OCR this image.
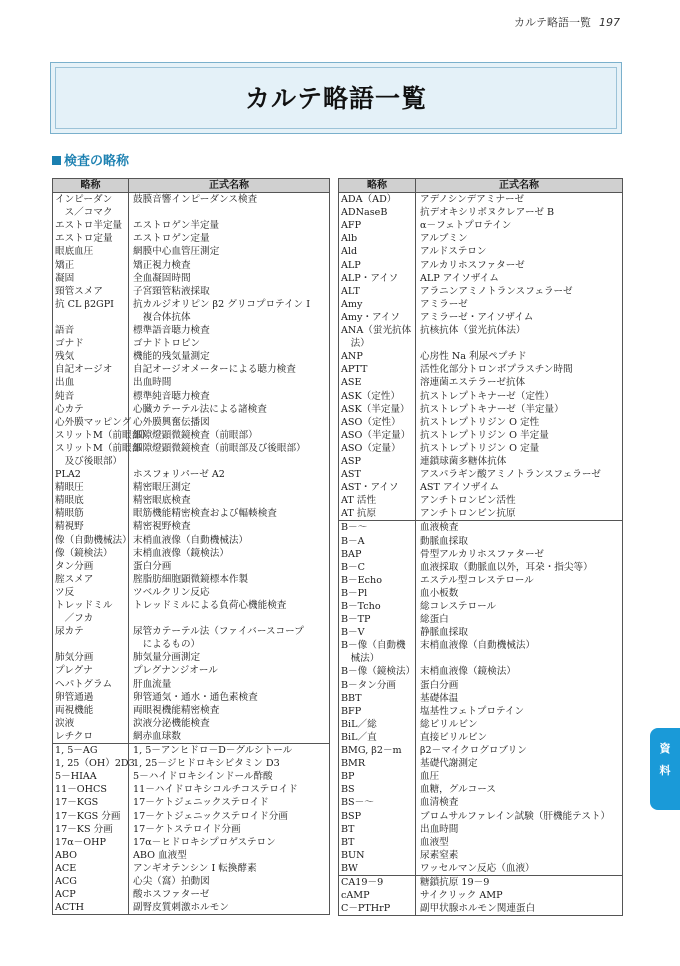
カルテ略語一覧 197
カルテ略語一覧
検査の略称
略称	正式名称
インピーダン	鼓膜音響インピーダンス検査
　ス／コマク	
エストロ半定量	エストロゲン半定量
エストロ定量	エストロゲン定量
眼底血圧	網膜中心血管圧測定
矯正	矯正視力検査
凝固	全血凝固時間
頸管スメア	子宮頸管粘液採取
抗 CL β2GPI	抗カルジオリピン β2 グリコプロテイン I
	　複合体抗体
語音	標準語音聴力検査
ゴナド	ゴナドトロピン
残気	機能的残気量測定
自記オージオ	自記オージオメーターによる聴力検査
出血	出血時間
純音	標準純音聴力検査
心カテ	心臓カテーテル法による諸検査
心外膜マッピング	心外膜興奮伝播図
スリットM（前眼部）	細隙燈顕微鏡検査（前眼部）
スリットM（前眼部	細隙燈顕微鏡検査（前眼部及び後眼部）
　及び後眼部）	
PLA2	ホスフォリパーゼ A2
精眼圧	精密眼圧測定
精眼底	精密眼底検査
精眼筋	眼筋機能精密検査および輻輳検査
精視野	精密視野検査
像（自動機械法）	末梢血液像（自動機械法）
像（鏡検法）	末梢血液像（鏡検法）
タン分画	蛋白分画
腟スメア	腟脂肪細胞顕微鏡標本作製
ツ反	ツベルクリン反応
トレッドミル	トレッドミルによる負荷心機能検査
　／フカ	
尿カテ	尿管カテーテル法（ファイバースコープ
	　によるもの）
肺気分画	肺気量分画測定
プレグナ	プレグナンジオール
ヘパトグラム	肝血流量
卵管通過	卵管通気・通水・通色素検査
両視機能	両眼視機能精密検査
涙液	涙液分泌機能検査
レチクロ	網赤血球数
1, 5－AG	1, 5－アンヒドロ－D－グルシトール
1, 25（OH）2D3	1, 25－ジヒドロキシビタミン D3
5－HIAA	5－ハイドロキシインドール酢酸
11－OHCS	11－ハイドロキシコルチコステロイド
17－KGS	17－ケトジェニックステロイド
17－KGS 分画	17－ケトジェニックステロイド分画
17－KS 分画	17－ケトステロイド分画
17α－OHP	17α－ヒドロキシプロゲステロン
ABO	ABO 血液型
ACE	アンギオテンシン I 転換酵素
ACG	心尖（窩）拍動図
ACP	酸ホスファターゼ
ACTH	副腎皮質刺激ホルモン
略称	正式名称
ADA（AD）	アデノシンデアミナーゼ
ADNaseB	抗デオキシリボヌクレアーゼ B
AFP	α－フェトプロテイン
Alb	アルブミン
Ald	アルドステロン
ALP	アルカリホスファターゼ
ALP・アイソ	ALP アイソザイム
ALT	アラニンアミノトランスフェラーゼ
Amy	アミラーゼ
Amy・アイソ	アミラーゼ・アイソザイム
ANA（蛍光抗体	抗核抗体（蛍光抗体法）
　法）	
ANP	心房性 Na 利尿ペプチド
APTT	活性化部分トロンボプラスチン時間
ASE	溶連菌エステラーゼ抗体
ASK（定性）	抗ストレプトキナーゼ（定性）
ASK（半定量）	抗ストレプトキナーゼ（半定量）
ASO（定性）	抗ストレプトリジン O 定性
ASO（半定量）	抗ストレプトリジン O 半定量
ASO（定量）	抗ストレプトリジン O 定量
ASP	連鎖球菌多糖体抗体
AST	アスパラギン酸アミノトランスフェラーゼ
AST・アイソ	AST アイソザイム
AT 活性	アンチトロンビン活性
AT 抗原	アンチトロンビン抗原
B－～	血液検査
B－A	動脈血採取
BAP	骨型アルカリホスファターゼ
B－C	血液採取（動脈血以外，耳朶・指尖等）
B－Echo	エステル型コレステロール
B－Pl	血小板数
B－Tcho	総コレステロール
B－TP	総蛋白
B－V	静脈血採取
B－像（自動機	末梢血液像（自動機械法）
　械法）	
B－像（鏡検法）	末梢血液像（鏡検法）
B－タン分画	蛋白分画
BBT	基礎体温
BFP	塩基性フェトプロテイン
BiL／総	総ビリルビン
BiL／直	直接ビリルビン
BMG, β2－m	β2－マイクログロブリン
BMR	基礎代謝測定
BP	血圧
BS	血糖，グルコース
BS－～	血清検査
BSP	ブロムサルファレイン試験（肝機能テスト）
BT	出血時間
BT	血液型
BUN	尿素窒素
BW	ワッセルマン反応（血液）
CA19－9	糖鎖抗原 19－9
cAMP	サイクリック AMP
C－PTHrP	副甲状腺ホルモン関連蛋白
資
料
